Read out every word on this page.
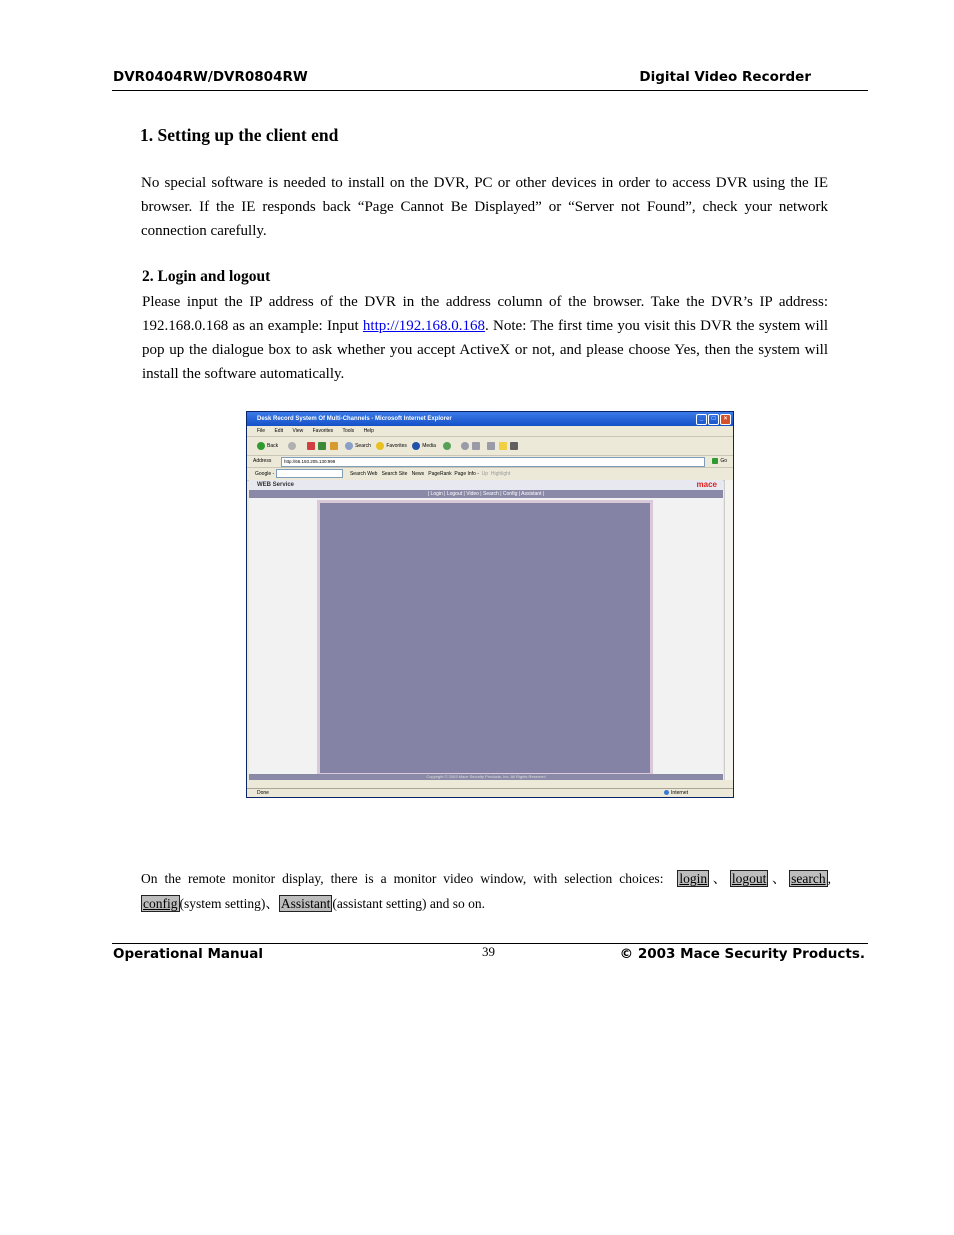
DVR0404RW/DVR0804RW	Digital Video Recorder
1. Setting up the client end
No special software is needed to install on the DVR, PC or other devices in order to access DVR using the IE browser. If the IE responds back “Page Cannot Be Displayed” or “Server not Found”, check your network connection carefully.
2. Login and logout
Please input the IP address of the DVR in the address column of the browser. Take the DVR’s IP address: 192.168.0.168 as an example: Input http://192.168.0.168. Note: The first time you visit this DVR the system will pop up the dialogue box to ask whether you accept ActiveX or not, and please choose Yes, then the system will install the software automatically.
Desk Record System Of Multi-Channels - Microsoft Internet Explorer	_	□	×
File Edit View Favorites Tools Help
Back	Search	Favorites	Media
Address	http://66.193.205.130:999	Go
Google -	Search Web Search Site News PageRank Page Info - Up Highlight
WEB Service	mace
| Login | Logout | Video | Search | Config | Assistant |
Copyright © 2003 Mace Security Products, Inc. All Rights Reserved
Done	Internet
On the remote monitor display, there is a monitor video window, with selection choices: login 、 logout 、 search ,
config (system setting)、 Assistant (assistant setting) and so on.
Operational Manual	39	© 2003 Mace Security Products.
